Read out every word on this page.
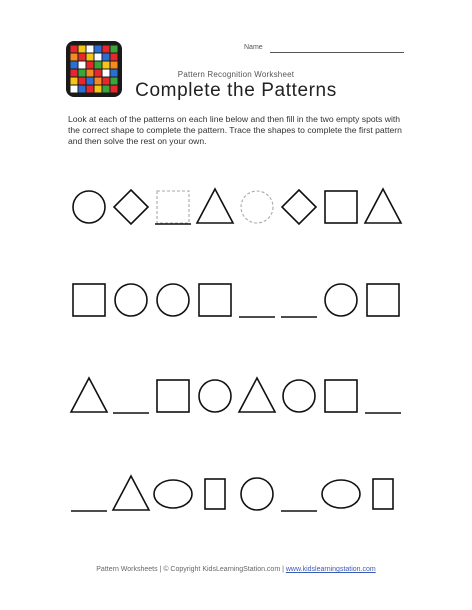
Name
Pattern Recognition Worksheet
Complete the Patterns
Look at each of the patterns on each line below and then fill in the two empty spots with the correct shape to complete the pattern. Trace the shapes to complete the first pattern and then solve the rest on your own.
Pattern Worksheets | © Copyright KidsLearningStation.com | www.kidslearningstation.com
